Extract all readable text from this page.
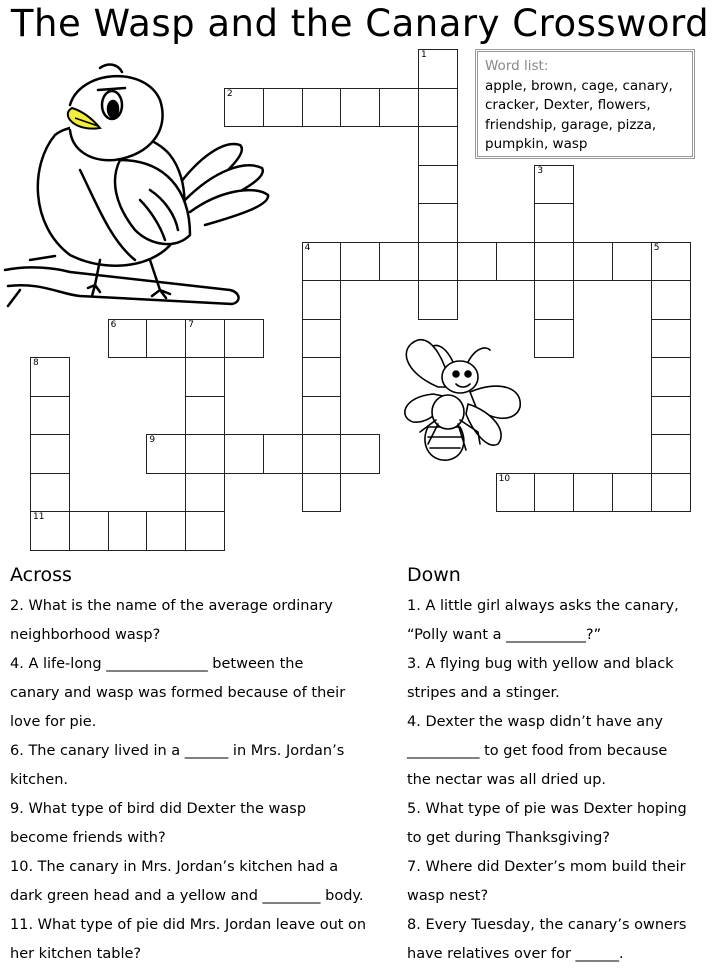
The Wasp and the Canary Crossword
1
2
3
4	5
6	7
8
11
9
10
Word list:
apple, brown, cage, canary,
cracker, Dexter, flowers,
friendship, garage, pizza,
pumpkin, wasp
Across
2. What is the name of the average ordinary
neighborhood wasp?
4. A life-long ______________ between the
canary and wasp was formed because of their
love for pie.
6. The canary lived in a ______ in Mrs. Jordan’s
kitchen.
9. What type of bird did Dexter the wasp
become friends with?
10. The canary in Mrs. Jordan’s kitchen had a
dark green head and a yellow and ________ body.
11. What type of pie did Mrs. Jordan leave out on
her kitchen table?
Down
1. A little girl always asks the canary,
“Polly want a ___________?”
3. A flying bug with yellow and black
stripes and a stinger.
4. Dexter the wasp didn’t have any
__________ to get food from because
the nectar was all dried up.
5. What type of pie was Dexter hoping
to get during Thanksgiving?
7. Where did Dexter’s mom build their
wasp nest?
8. Every Tuesday, the canary’s owners
have relatives over for ______.
